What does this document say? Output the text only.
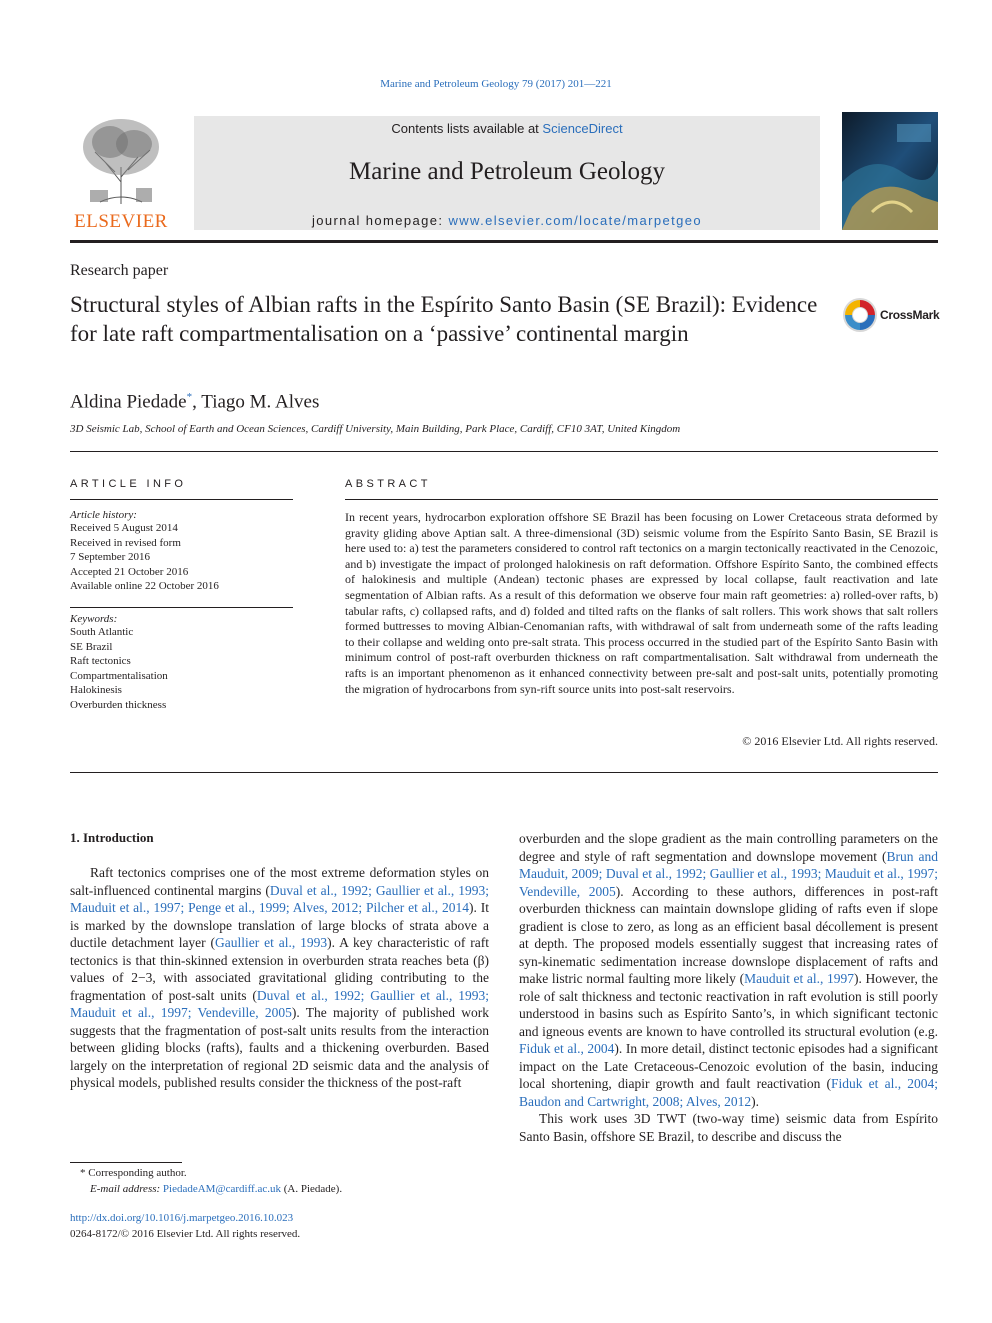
Marine and Petroleum Geology 79 (2017) 201—221
ELSEVIER
Contents lists available at ScienceDirect
Marine and Petroleum Geology
journal homepage: www.elsevier.com/locate/marpetgeo
Research paper
Structural styles of Albian rafts in the Espírito Santo Basin (SE Brazil): Evidence for late raft compartmentalisation on a ‘passive’ continental margin
CrossMark
Aldina Piedade*, Tiago M. Alves
3D Seismic Lab, School of Earth and Ocean Sciences, Cardiff University, Main Building, Park Place, Cardiff, CF10 3AT, United Kingdom
ARTICLE INFO
Article history:
Received 5 August 2014
Received in revised form
7 September 2016
Accepted 21 October 2016
Available online 22 October 2016
Keywords:
South Atlantic
SE Brazil
Raft tectonics
Compartmentalisation
Halokinesis
Overburden thickness
ABSTRACT
In recent years, hydrocarbon exploration offshore SE Brazil has been focusing on Lower Cretaceous strata deformed by gravity gliding above Aptian salt. A three-dimensional (3D) seismic volume from the Espírito Santo Basin, SE Brazil is here used to: a) test the parameters considered to control raft tectonics on a margin tectonically reactivated in the Cenozoic, and b) investigate the impact of prolonged halokinesis on raft deformation. Offshore Espírito Santo, the combined effects of halokinesis and multiple (Andean) tectonic phases are expressed by local collapse, fault reactivation and late segmentation of Albian rafts. As a result of this deformation we observe four main raft geometries: a) rolled-over rafts, b) tabular rafts, c) collapsed rafts, and d) folded and tilted rafts on the flanks of salt rollers. This work shows that salt rollers formed buttresses to moving Albian-Cenomanian rafts, with withdrawal of salt from underneath some of the rafts leading to their collapse and welding onto pre-salt strata. This process occurred in the studied part of the Espírito Santo Basin with minimum control of post-raft overburden thickness on raft compartmentalisation. Salt withdrawal from underneath the rafts is an important phenomenon as it enhanced connectivity between pre-salt and post-salt units, potentially promoting the migration of hydrocarbons from syn-rift source units into post-salt reservoirs.
© 2016 Elsevier Ltd. All rights reserved.
1. Introduction

Raft tectonics comprises one of the most extreme deformation styles on salt-influenced continental margins (Duval et al., 1992; Gaullier et al., 1993; Mauduit et al., 1997; Penge et al., 1999; Alves, 2012; Pilcher et al., 2014). It is marked by the downslope translation of large blocks of strata above a ductile detachment layer (Gaullier et al., 1993). A key characteristic of raft tectonics is that thin-skinned extension in overburden strata reaches beta (β) values of 2−3, with associated gravitational gliding contributing to the fragmentation of post-salt units (Duval et al., 1992; Gaullier et al., 1993; Mauduit et al., 1997; Vendeville, 2005). The majority of published work suggests that the fragmentation of post-salt units results from the interaction between gliding blocks (rafts), faults and a thickening overburden. Based largely on the interpretation of regional 2D seismic data and the analysis of physical models, published results consider the thickness of the post-raft

overburden and the slope gradient as the main controlling parameters on the degree and style of raft segmentation and downslope movement (Brun and Mauduit, 2009; Duval et al., 1992; Gaullier et al., 1993; Mauduit et al., 1997; Vendeville, 2005). According to these authors, differences in post-raft overburden thickness can maintain downslope gliding of rafts even if slope gradient is close to zero, as long as an efficient basal décollement is present at depth. The proposed models essentially suggest that increasing rates of syn-kinematic sedimentation increase downslope displacement of rafts and make listric normal faulting more likely (Mauduit et al., 1997). However, the role of salt thickness and tectonic reactivation in raft evolution is still poorly understood in basins such as Espírito Santo’s, in which significant tectonic and igneous events are known to have controlled its structural evolution (e.g. Fiduk et al., 2004). In more detail, distinct tectonic episodes had a significant impact on the Late Cretaceous-Cenozoic evolution of the basin, inducing local shortening, diapir growth and fault reactivation (Fiduk et al., 2004; Baudon and Cartwright, 2008; Alves, 2012).

This work uses 3D TWT (two-way time) seismic data from Espírito Santo Basin, offshore SE Brazil, to describe and discuss the

* Corresponding author.
E-mail address: PiedadeAM@cardiff.ac.uk (A. Piedade).
http://dx.doi.org/10.1016/j.marpetgeo.2016.10.023
0264-8172/© 2016 Elsevier Ltd. All rights reserved.
